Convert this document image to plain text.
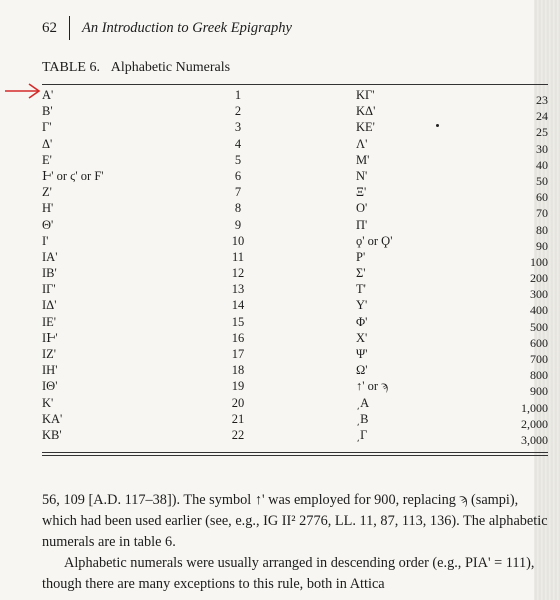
62 An Introduction to Greek Epigraphy
TABLE 6. Alphabetic Numerals
A'	1	KΓ'	23
B'	2	KΔ'	24
Γ'	3	KE'	25
Δ'	4	Λ'	30
E'	5	M'	40
Ͱ' or ϛ' or Ϝ'	6	N'	50
Z'	7	Ξ'	60
H'	8	O'	70
Θ'	9	Π'	80
I'	10	ϙ' or Ϙ'	90
IA'	11	P'	100
IB'	12	Σ'	200
IΓ'	13	T'	300
IΔ'	14	Y'	400
IE'	15	Φ'	500
IͰ'	16	X'	600
IZ'	17	Ψ'	700
IH'	18	Ω'	800
IΘ'	19	↑' or ϡ	900
K'	20	͵A	1,000
KA'	21	͵B	2,000
KB'	22	͵Γ	3,000

56, 109 [A.D. 117–38]). The symbol ↑' was employed for 900, replacing ϡ (sampi), which had been used earlier (see, e.g., IG II² 2776, LL. 11, 87, 113, 136). The alphabetic numerals are in table 6.

Alphabetic numerals were usually arranged in descending order (e.g., PIA' = 111), though there are many exceptions to this rule, both in Attica
